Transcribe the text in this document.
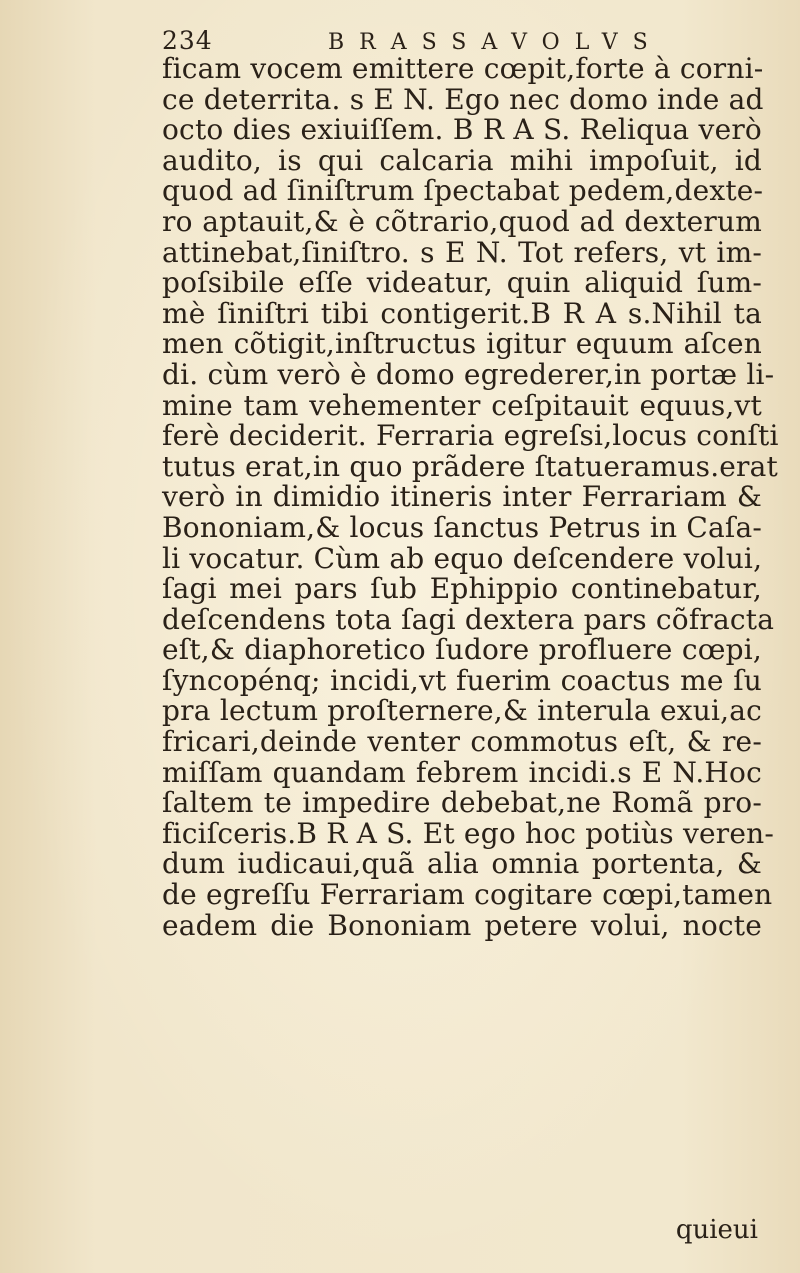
234	BRASSAVOLVS
ficam vocem emittere cœpit,forte à corni-
ce deterrita. s E N. Ego nec domo inde ad
octo dies exiuiſſem. B R A S. Reliqua verò
audito, is qui calcaria mihi impoſuit, id
quod ad ſiniſtrum ſpectabat pedem,dexte-
ro aptauit,& è cõtrario,quod ad dexterum
attinebat,ſiniſtro. s E N. Tot refers, vt im-
poſsibile eſſe videatur, quin aliquid ſum-
mè ſiniſtri tibi contigerit.B R A s.Nihil ta
men cõtigit,inſtructus igitur equum aſcen
di. cùm verò è domo egrederer,in portæ li-
mine tam vehementer ceſpitauit equus,vt
ferè deciderit. Ferraria egreſsi,locus conſti
tutus erat,in quo prãdere ſtatueramus.erat
verò in dimidio itineris inter Ferrariam &
Bononiam,& locus ſanctus Petrus in Caſa-
li vocatur. Cùm ab equo deſcendere volui,
ſagi mei pars ſub Ephippio continebatur,
deſcendens tota ſagi dextera pars cõfracta
eſt,& diaphoretico ſudore profluere cœpi,
ſyncopénq; incidi,vt fuerim coactus me ſu
pra lectum proſternere,& interula exui,ac
fricari,deinde venter commotus eſt, & re-
miſſam quandam febrem incidi.s E N.Hoc
ſaltem te impedire debebat,ne Romã pro-
ficiſceris.B R A S. Et ego hoc potiùs veren-
dum iudicaui,quã alia omnia portenta, &
de egreſſu Ferrariam cogitare cœpi,tamen
eadem die Bononiam petere volui, nocte
quieui
